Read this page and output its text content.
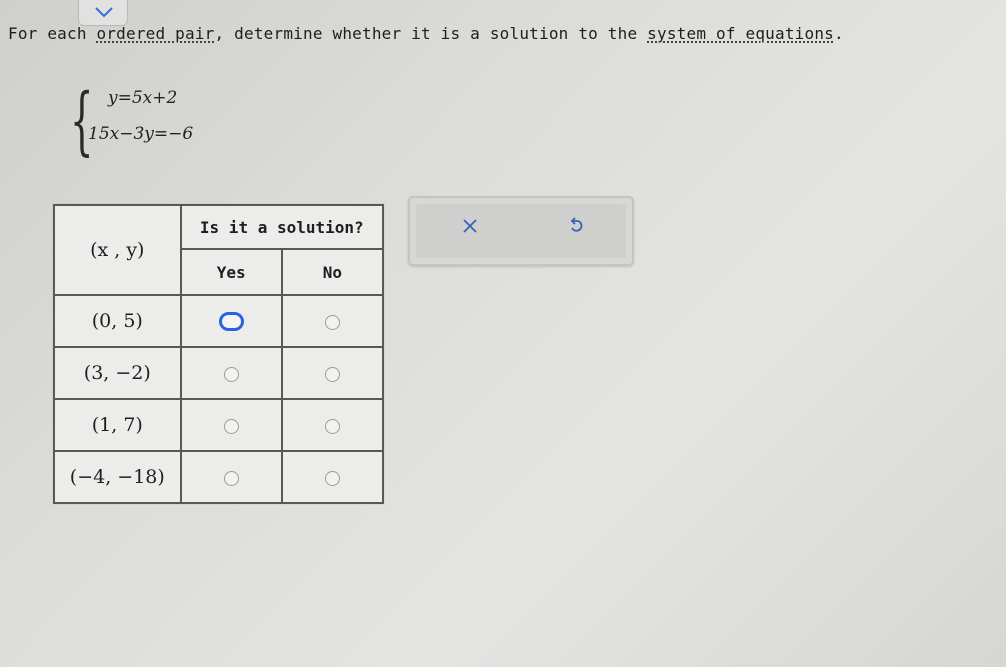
For each ordered pair, determine whether it is a solution to the system of equations.
{ y=5x+2
15x−3y=−6
(x , y)	Is it a solution?	
	Yes	No
(0, 5)		
(3, −2)		
(1, 7)		
(−4, −18)		
